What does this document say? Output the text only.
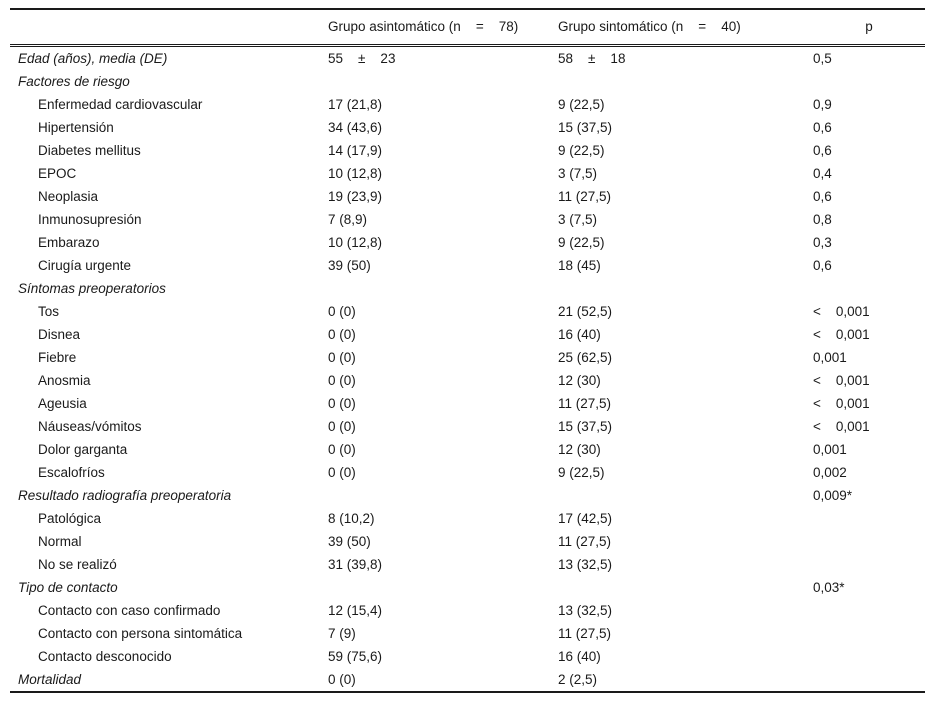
	Grupo asintomático (n    =    78)	Grupo sintomático (n    =    40)	p
Edad (años), media (DE)	55    ±    23	58    ±    18	0,5
Factores de riesgo			
Enfermedad cardiovascular	17 (21,8)	9 (22,5)	0,9
Hipertensión	34 (43,6)	15 (37,5)	0,6
Diabetes mellitus	14 (17,9)	9 (22,5)	0,6
EPOC	10 (12,8)	3 (7,5)	0,4
Neoplasia	19 (23,9)	11 (27,5)	0,6
Inmunosupresión	7 (8,9)	3 (7,5)	0,8
Embarazo	10 (12,8)	9 (22,5)	0,3
Cirugía urgente	39 (50)	18 (45)	0,6
Síntomas preoperatorios			
Tos	0 (0)	21 (52,5)	<    0,001
Disnea	0 (0)	16 (40)	<    0,001
Fiebre	0 (0)	25 (62,5)	0,001
Anosmia	0 (0)	12 (30)	<    0,001
Ageusia	0 (0)	11 (27,5)	<    0,001
Náuseas/vómitos	0 (0)	15 (37,5)	<    0,001
Dolor garganta	0 (0)	12 (30)	0,001
Escalofríos	0 (0)	9 (22,5)	0,002
Resultado radiografía preoperatoria			0,009*
Patológica	8 (10,2)	17 (42,5)	
Normal	39 (50)	11 (27,5)	
No se realizó	31 (39,8)	13 (32,5)	
Tipo de contacto			0,03*
Contacto con caso confirmado	12 (15,4)	13 (32,5)	
Contacto con persona sintomática	7 (9)	11 (27,5)	
Contacto desconocido	59 (75,6)	16 (40)	
Mortalidad	0 (0)	2 (2,5)	
